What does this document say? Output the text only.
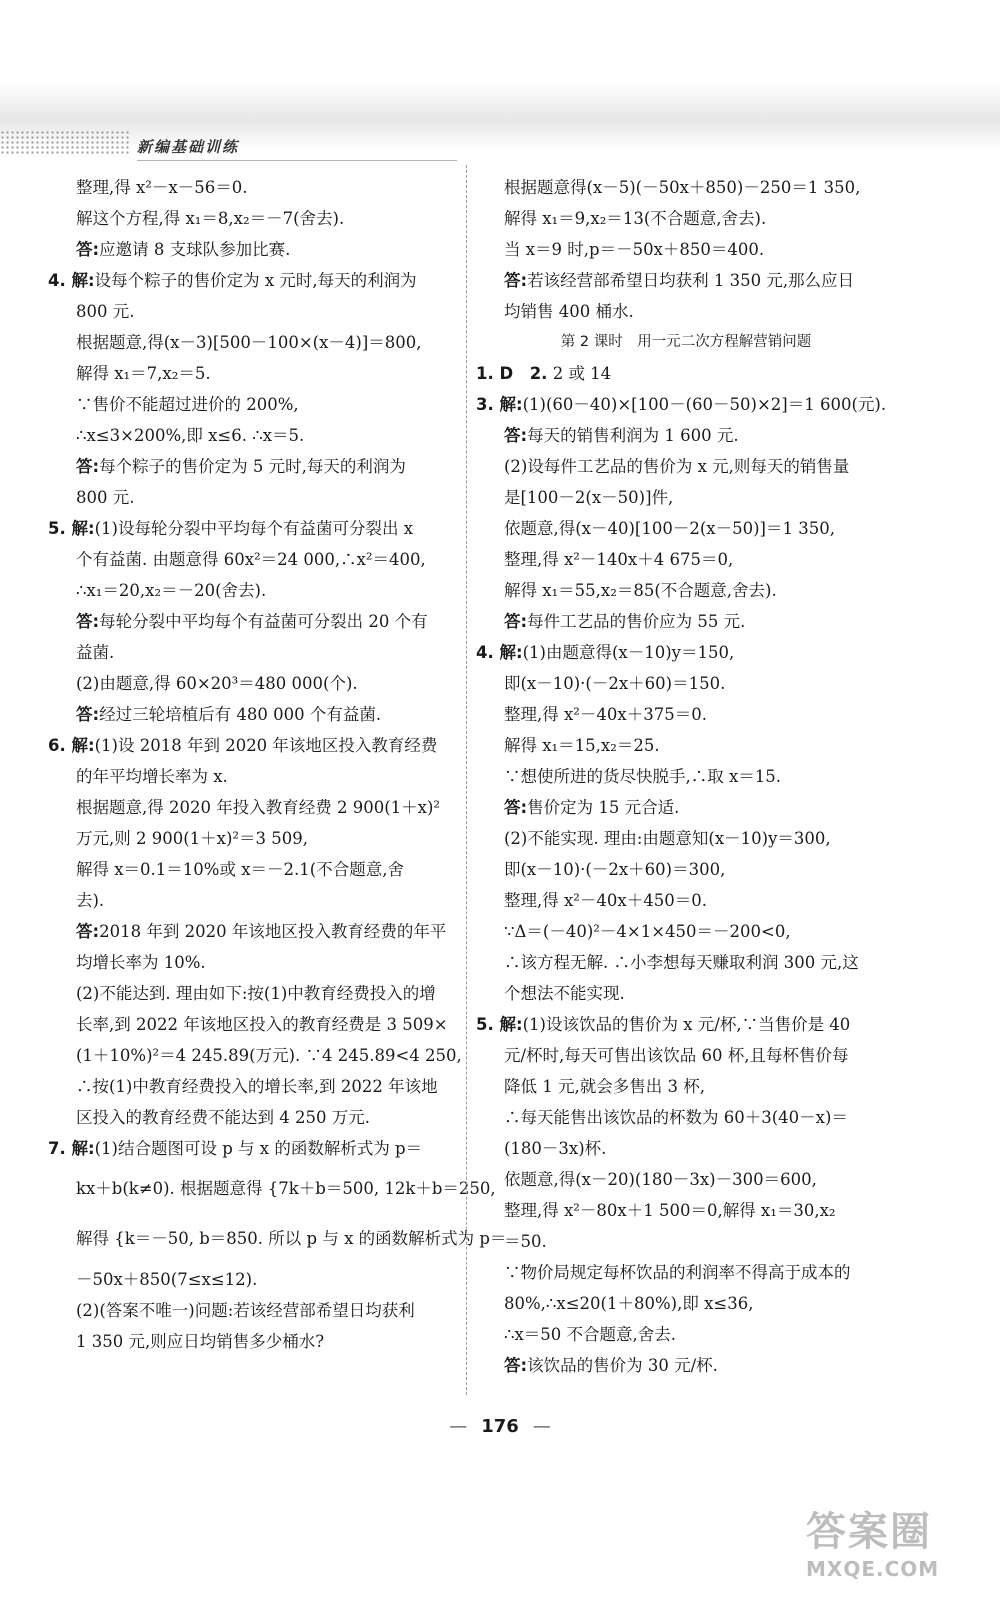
新编基础训练
整理,得 x²－x－56＝0.
解这个方程,得 x₁＝8,x₂＝－7(舍去).
答:应邀请 8 支球队参加比赛.
4. 解:设每个粽子的售价定为 x 元时,每天的利润为
800 元.
根据题意,得(x－3)[500－100×(x－4)]＝800,
解得 x₁＝7,x₂＝5.
∵售价不能超过进价的 200%,
∴x≤3×200%,即 x≤6. ∴x＝5.
答:每个粽子的售价定为 5 元时,每天的利润为
800 元.
5. 解:(1)设每轮分裂中平均每个有益菌可分裂出 x
个有益菌. 由题意得 60x²＝24 000,∴x²＝400,
∴x₁＝20,x₂＝－20(舍去).
答:每轮分裂中平均每个有益菌可分裂出 20 个有
益菌.
(2)由题意,得 60×20³＝480 000(个).
答:经过三轮培植后有 480 000 个有益菌.
6. 解:(1)设 2018 年到 2020 年该地区投入教育经费
的年平均增长率为 x.
根据题意,得 2020 年投入教育经费 2 900(1＋x)²
万元,则 2 900(1＋x)²＝3 509,
解得 x＝0.1＝10%或 x＝－2.1(不合题意,舍
去).
答:2018 年到 2020 年该地区投入教育经费的年平
均增长率为 10%.
(2)不能达到. 理由如下:按(1)中教育经费投入的增
长率,到 2022 年该地区投入的教育经费是 3 509×
(1＋10%)²＝4 245.89(万元). ∵4 245.89<4 250,
∴按(1)中教育经费投入的增长率,到 2022 年该地
区投入的教育经费不能达到 4 250 万元.
7. 解:(1)结合题图可设 p 与 x 的函数解析式为 p＝
kx＋b(k≠0). 根据题意得 {7k＋b＝500, 12k＋b＝250,
解得 {k＝－50, b＝850. 所以 p 与 x 的函数解析式为 p＝
－50x＋850(7≤x≤12).
(2)(答案不唯一)问题:若该经营部希望日均获利
1 350 元,则应日均销售多少桶水?
根据题意得(x－5)(－50x＋850)－250＝1 350,
解得 x₁＝9,x₂＝13(不合题意,舍去).
当 x＝9 时,p＝－50x＋850＝400.
答:若该经营部希望日均获利 1 350 元,那么应日
均销售 400 桶水.
第 2 课时　用一元二次方程解营销问题
1. D　2. 2 或 14
3. 解:(1)(60－40)×[100－(60－50)×2]＝1 600(元).
答:每天的销售利润为 1 600 元.
(2)设每件工艺品的售价为 x 元,则每天的销售量
是[100－2(x－50)]件,
依题意,得(x－40)[100－2(x－50)]＝1 350,
整理,得 x²－140x＋4 675＝0,
解得 x₁＝55,x₂＝85(不合题意,舍去).
答:每件工艺品的售价应为 55 元.
4. 解:(1)由题意得(x－10)y＝150,
即(x－10)·(－2x＋60)＝150.
整理,得 x²－40x＋375＝0.
解得 x₁＝15,x₂＝25.
∵想使所进的货尽快脱手,∴取 x＝15.
答:售价定为 15 元合适.
(2)不能实现. 理由:由题意知(x－10)y＝300,
即(x－10)·(－2x＋60)＝300,
整理,得 x²－40x＋450＝0.
∵Δ＝(－40)²－4×1×450＝－200<0,
∴该方程无解. ∴小李想每天赚取利润 300 元,这
个想法不能实现.
5. 解:(1)设该饮品的售价为 x 元/杯,∵当售价是 40
元/杯时,每天可售出该饮品 60 杯,且每杯售价每
降低 1 元,就会多售出 3 杯,
∴每天能售出该饮品的杯数为 60＋3(40－x)＝
(180－3x)杯.
依题意,得(x－20)(180－3x)－300＝600,
整理,得 x²－80x＋1 500＝0,解得 x₁＝30,x₂
＝50.
∵物价局规定每杯饮品的利润率不得高于成本的
80%,∴x≤20(1＋80%),即 x≤36,
∴x＝50 不合题意,舍去.
答:该饮品的售价为 30 元/杯.
— 176 —
答案圈
MXQE.COM
